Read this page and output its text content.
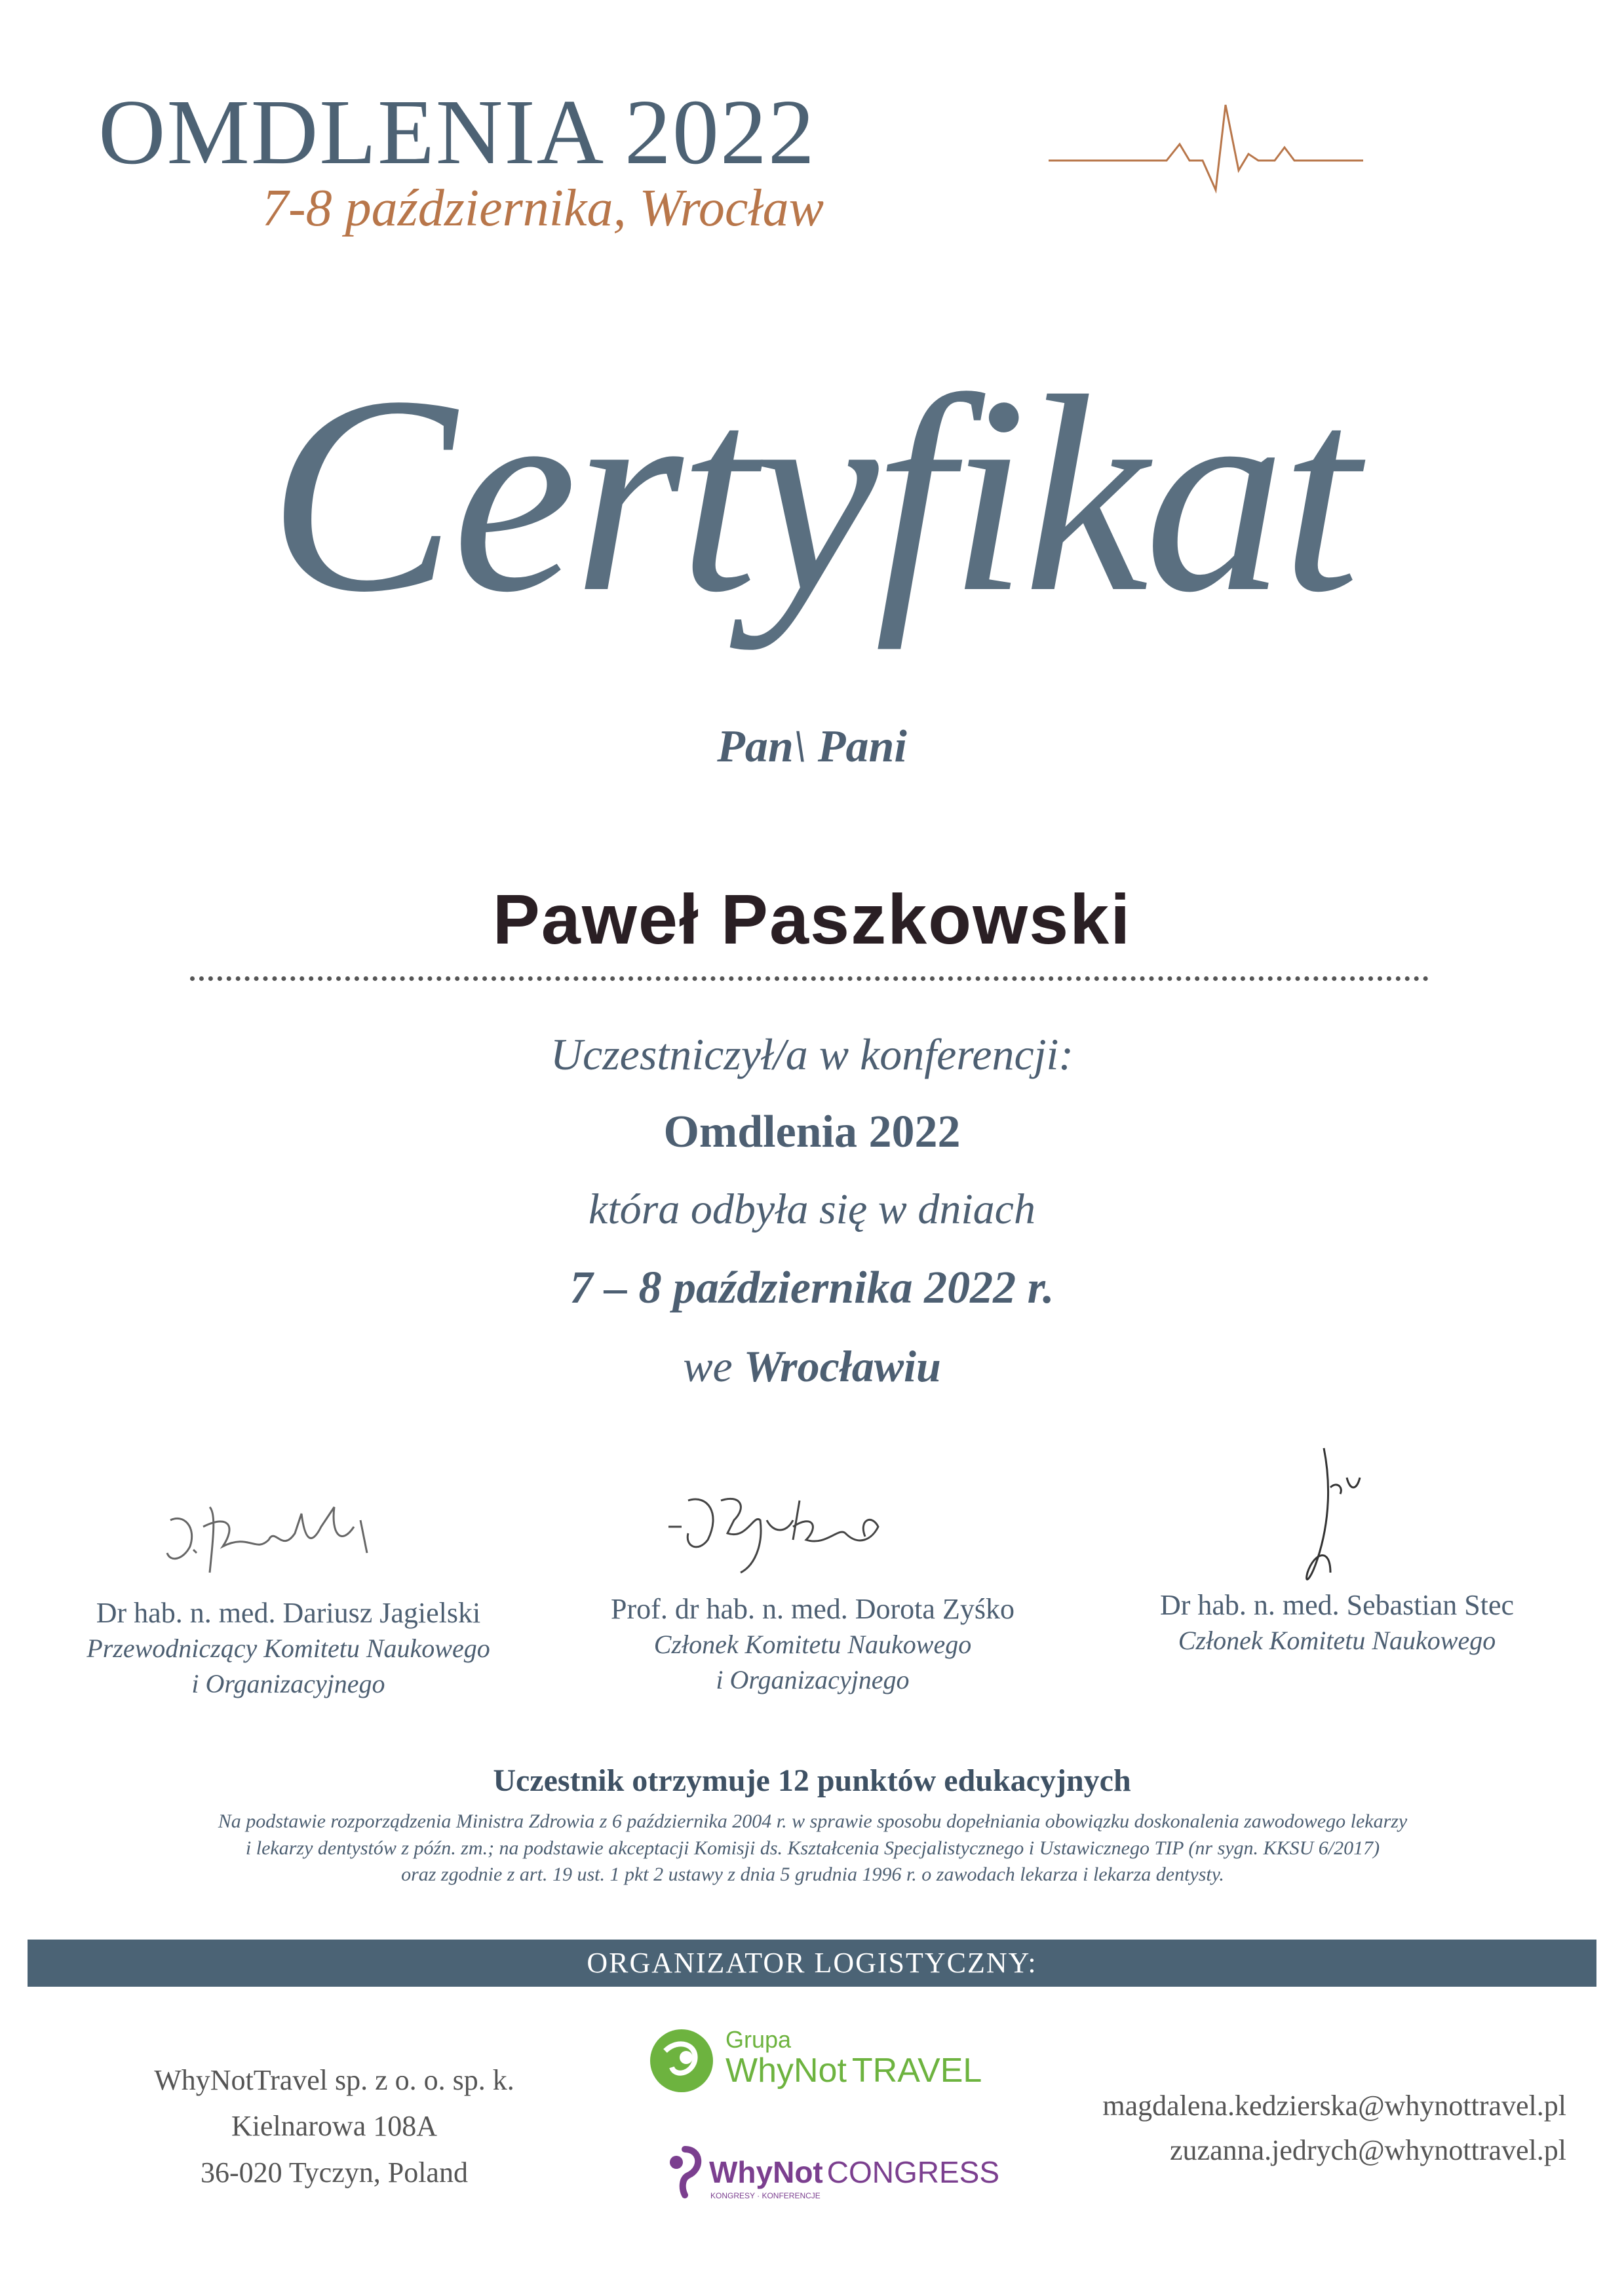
OMDLENIA 2022
7-8 października, Wrocław
Certyfikat
Pan\ Pani
Paweł Paszkowski
Uczestniczył/a w konferencji:
Omdlenia 2022
która odbyła się w dniach
7 – 8 października 2022 r.
we Wrocławiu
Dr hab. n. med. Dariusz Jagielski
Przewodniczący Komitetu Naukowego
i Organizacyjnego
Prof. dr hab. n. med. Dorota Zyśko
Członek Komitetu Naukowego
i Organizacyjnego
Dr hab. n. med. Sebastian Stec
Członek Komitetu Naukowego
Uczestnik otrzymuje 12 punktów edukacyjnych
Na podstawie rozporządzenia Ministra Zdrowia z 6 października 2004 r. w sprawie sposobu dopełniania obowiązku doskonalenia zawodowego lekarzy
i lekarzy dentystów z późn. zm.; na podstawie akceptacji Komisji ds. Kształcenia Specjalistycznego i Ustawicznego TIP (nr sygn. KKSU 6/2017)
oraz zgodnie z art. 19 ust. 1 pkt 2 ustawy z dnia 5 grudnia 1996 r. o zawodach lekarza i lekarza dentysty.
ORGANIZATOR LOGISTYCZNY:
WhyNotTravel sp. z o. o. sp. k.
Kielnarowa 108A
36-020 Tyczyn, Poland
Grupa
WhyNot TRAVEL
WhyNot CONGRESS
KONGRESY · KONFERENCJE
magdalena.kedzierska@whynottravel.pl
zuzanna.jedrych@whynottravel.pl
